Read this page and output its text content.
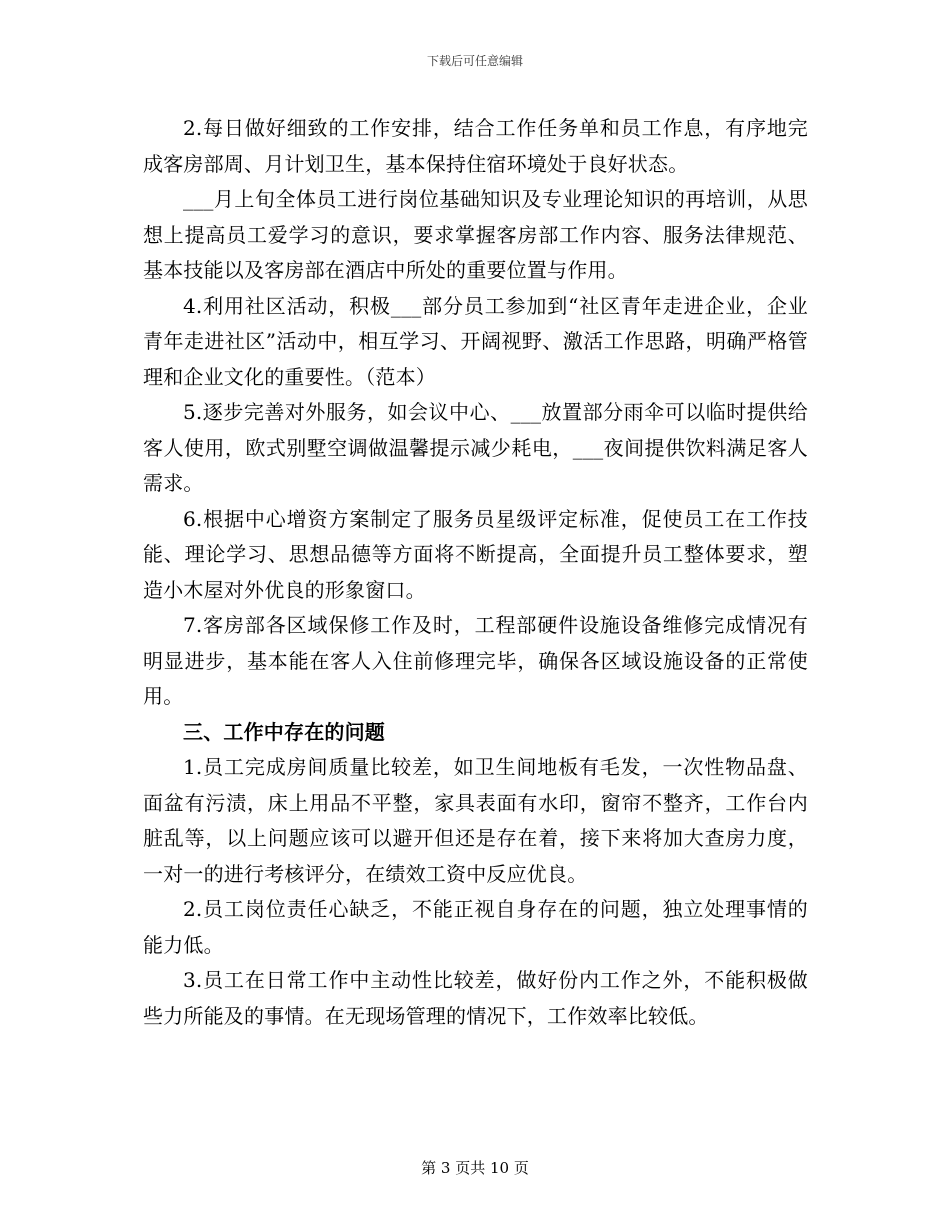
下载后可任意编辑

2.每日做好细致的工作安排，结合工作任务单和员工作息，有序地完成客房部周、月计划卫生，基本保持住宿环境处于良好状态。

___月上旬全体员工进行岗位基础知识及专业理论知识的再培训，从思想上提高员工爱学习的意识，要求掌握客房部工作内容、服务法律规范、基本技能以及客房部在酒店中所处的重要位置与作用。

4.利用社区活动，积极___部分员工参加到“社区青年走进企业，企业青年走进社区”活动中，相互学习、开阔视野、激活工作思路，明确严格管理和企业文化的重要性。（范本）

5.逐步完善对外服务，如会议中心、___放置部分雨伞可以临时提供给客人使用，欧式别墅空调做温馨提示减少耗电，___夜间提供饮料满足客人需求。

6.根据中心增资方案制定了服务员星级评定标准，促使员工在工作技能、理论学习、思想品德等方面将不断提高，全面提升员工整体要求，塑造小木屋对外优良的形象窗口。

7.客房部各区域保修工作及时，工程部硬件设施设备维修完成情况有明显进步，基本能在客人入住前修理完毕，确保各区域设施设备的正常使用。

三、工作中存在的问题

1.员工完成房间质量比较差，如卫生间地板有毛发，一次性物品盘、面盆有污渍，床上用品不平整，家具表面有水印，窗帘不整齐，工作台内脏乱等，以上问题应该可以避开但还是存在着，接下来将加大查房力度，一对一的进行考核评分，在绩效工资中反应优良。

2.员工岗位责任心缺乏，不能正视自身存在的问题，独立处理事情的能力低。

3.员工在日常工作中主动性比较差，做好份内工作之外，不能积极做些力所能及的事情。在无现场管理的情况下，工作效率比较低。

第 3 页共 10 页
